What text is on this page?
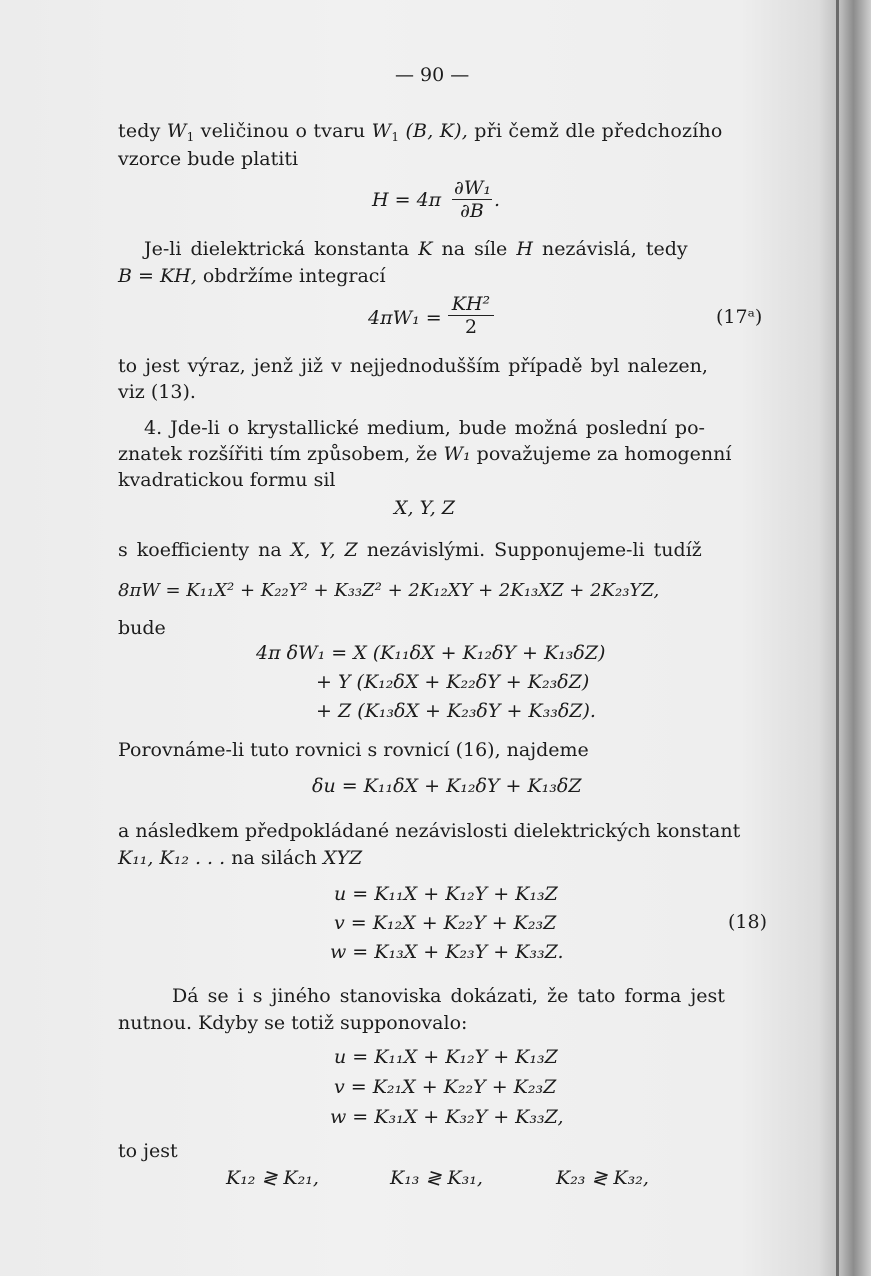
— 90 —
tedy $W_1$ veličinou o tvaru $W_1$ (B, K), při čemž dle předchozího
vzorce bude platiti
$H = 4\pi \frac{\text{∂W₁}}{\partial B}$ .
Je-li dielektrická konstanta K na síle H nezávislá, tedy
B = KH, obdržíme integrací
$4\pi W_1 = \frac{\text{KH²}}{2}$	(17ᵃ)
to jest výraz, jenž již v nejjednodušším případě byl nalezen,
viz (13).
4. Jde-li o krystallické medium, bude možná poslední po-
znatek rozšířiti tím způsobem, že W₁ považujeme za homogenní
kvadratickou formu sil
X, Y, Z
s koefficienty na X, Y, Z nezávislými. Supponujeme-li tudíž
8πW = K₁₁X² + K₂₂Y² + K₃₃Z² + 2K₁₂XY + 2K₁₃XZ + 2K₂₃YZ,
bude
4π δW₁ = X (K₁₁δX + K₁₂δY + K₁₃δZ)
+ Y (K₁₂δX + K₂₂δY + K₂₃δZ)
+ Z (K₁₃δX + K₂₃δY + K₃₃δZ).
Porovnáme-li tuto rovnici s rovnicí (16), najdeme
δu = K₁₁δX + K₁₂δY + K₁₃δZ
a následkem předpokládané nezávislosti dielektrických konstant
K₁₁, K₁₂ . . . na silách XYZ
u = K₁₁X + K₁₂Y + K₁₃Z
v = K₁₂X + K₂₂Y + K₂₃Z
w = K₁₃X + K₂₃Y + K₃₃Z.
(18)
Dá se i s jiného stanoviska dokázati, že tato forma jest
nutnou. Kdyby se totiž supponovalo:
u = K₁₁X + K₁₂Y + K₁₃Z
v = K₂₁X + K₂₂Y + K₂₃Z
w = K₃₁X + K₃₂Y + K₃₃Z,
to jest
K₁₂ ≷ K₂₁,	K₁₃ ≷ K₃₁,	K₂₃ ≷ K₃₂,
